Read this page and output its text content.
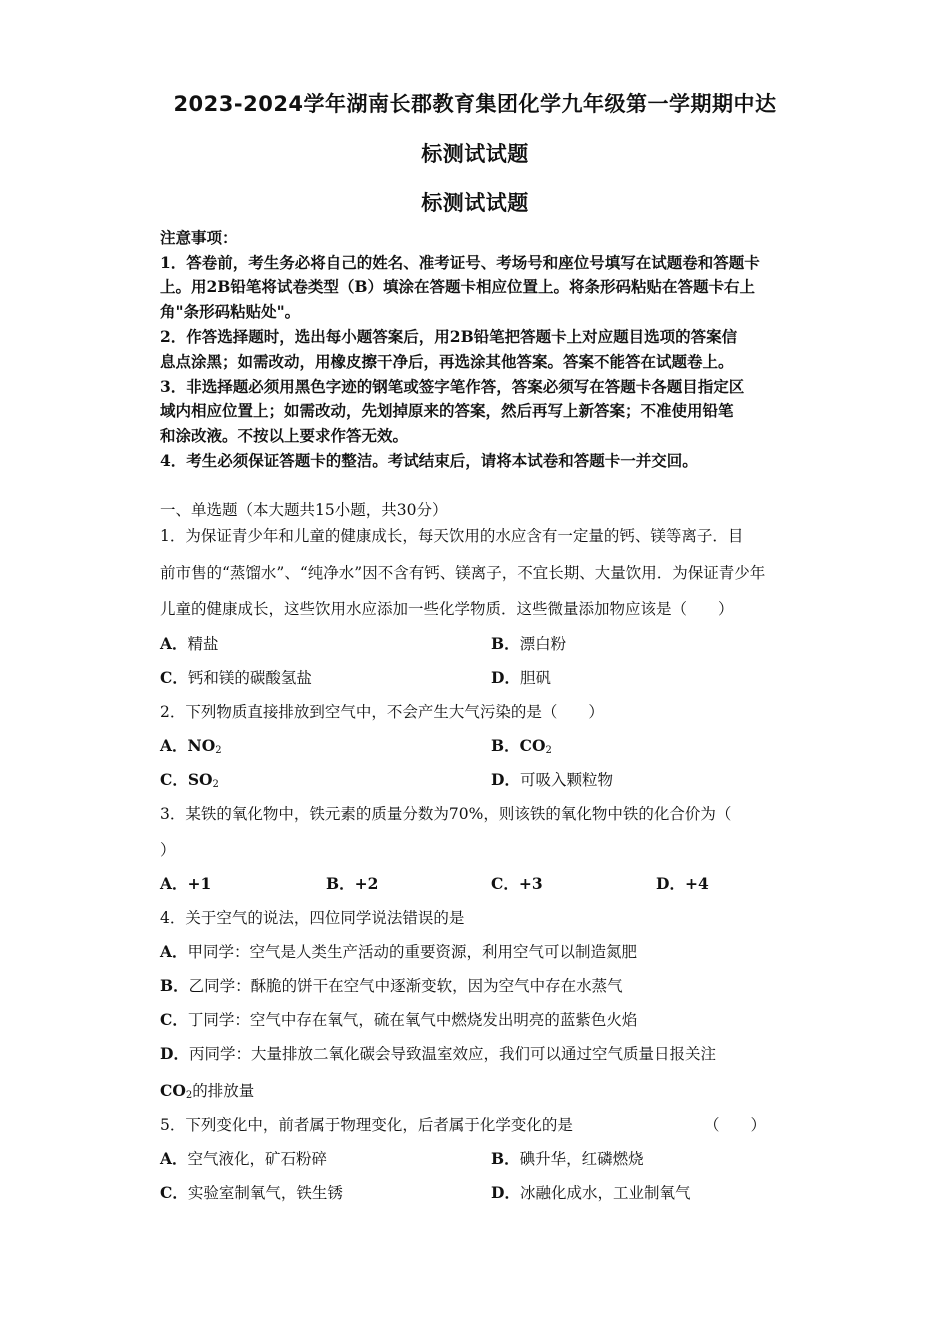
2023-2024学年湖南长郡教育集团化学九年级第一学期期中达
标测试试题
标测试试题
注意事项：
1．答卷前，考生务必将自己的姓名、准考证号、考场号和座位号填写在试题卷和答题卡
上。用2B铅笔将试卷类型（B）填涂在答题卡相应位置上。将条形码粘贴在答题卡右上
角"条形码粘贴处"。
2．作答选择题时，选出每小题答案后，用2B铅笔把答题卡上对应题目选项的答案信
息点涂黑；如需改动，用橡皮擦干净后，再选涂其他答案。答案不能答在试题卷上。
3．非选择题必须用黑色字迹的钢笔或签字笔作答，答案必须写在答题卡各题目指定区
域内相应位置上；如需改动，先划掉原来的答案，然后再写上新答案；不准使用铅笔
和涂改液。不按以上要求作答无效。
4．考生必须保证答题卡的整洁。考试结束后，请将本试卷和答题卡一并交回。
一、单选题（本大题共15小题，共30分）
1．为保证青少年和儿童的健康成长，每天饮用的水应含有一定量的钙、镁等离子．目
前市售的“蒸馏水”、“纯净水”因不含有钙、镁离子，不宜长期、大量饮用．为保证青少年
儿童的健康成长，这些饮用水应添加一些化学物质．这些微量添加物应该是（　　）
A．精盐	B．漂白粉
C．钙和镁的碳酸氢盐	D．胆矾
2．下列物质直接排放到空气中，不会产生大气污染的是（　　）
A．$NO_2$	B．$CO_2$
C．$SO_2$	D．可吸入颗粒物
3．某铁的氧化物中，铁元素的质量分数为70%，则该铁的氧化物中铁的化合价为（
）
A．+1	B．+2	C．+3	D．+4
4．关于空气的说法，四位同学说法错误的是
A．甲同学：空气是人类生产活动的重要资源，利用空气可以制造氮肥
B．乙同学：酥脆的饼干在空气中逐渐变软，因为空气中存在水蒸气
C．丁同学：空气中存在氧气，硫在氧气中燃烧发出明亮的蓝紫色火焰
D．丙同学：大量排放二氧化碳会导致温室效应，我们可以通过空气质量日报关注
$CO_2$的排放量
5．下列变化中，前者属于物理变化，后者属于化学变化的是	（　　）
A．空气液化，矿石粉碎	B．碘升华，红磷燃烧
C．实验室制氧气，铁生锈	D．冰融化成水，工业制氧气
